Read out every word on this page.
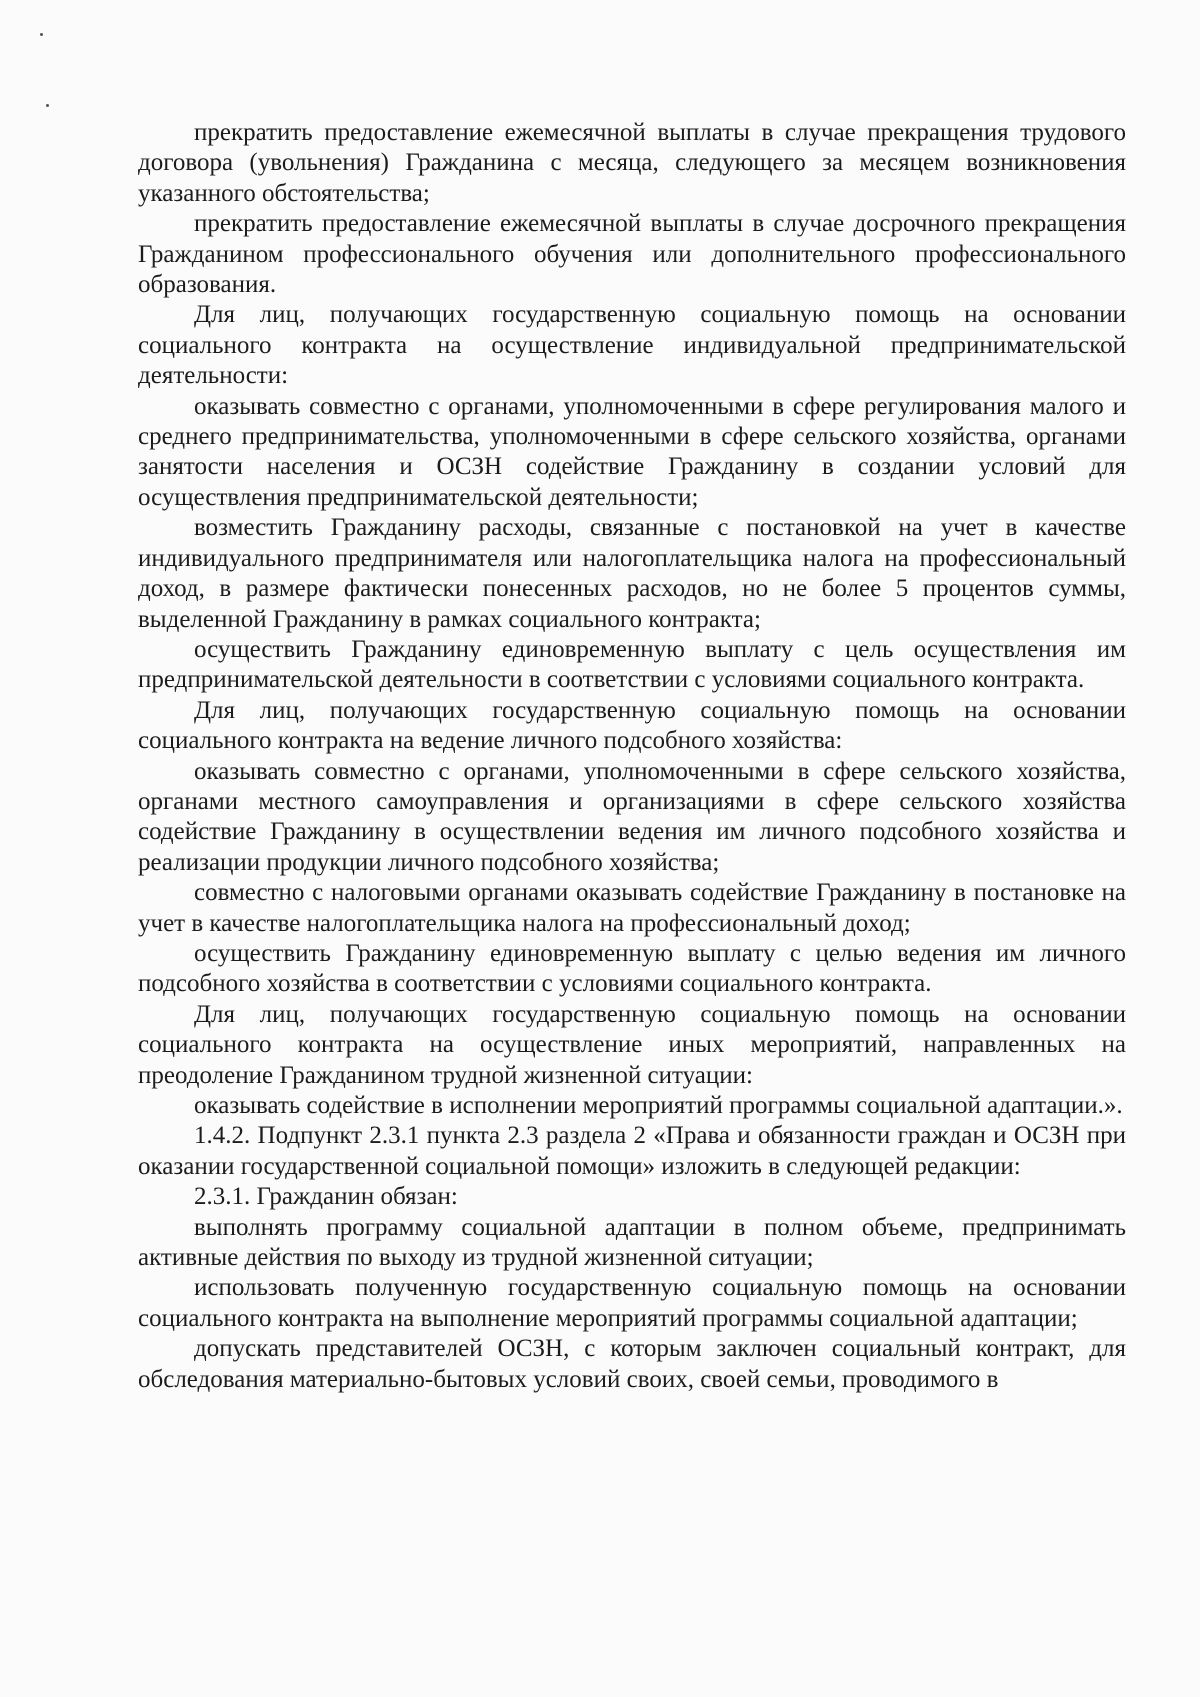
прекратить предоставление ежемесячной выплаты в случае прекращения трудового договора (увольнения) Гражданина с месяца, следующего за месяцем возникновения указанного обстоятельства;

прекратить предоставление ежемесячной выплаты в случае досрочного прекращения Гражданином профессионального обучения или дополнительного профессионального образования.

Для лиц, получающих государственную социальную помощь на основании социального контракта на осуществление индивидуальной предпринимательской деятельности:

оказывать совместно с органами, уполномоченными в сфере регулирования малого и среднего предпринимательства, уполномоченными в сфере сельского хозяйства, органами занятости населения и ОСЗН содействие Гражданину в создании условий для осуществления предпринимательской деятельности;

возместить Гражданину расходы, связанные с постановкой на учет в качестве индивидуального предпринимателя или налогоплательщика налога на профессиональный доход, в размере фактически понесенных расходов, но не более 5 процентов суммы, выделенной Гражданину в рамках социального контракта;

осуществить Гражданину единовременную выплату с цель осуществления им предпринимательской деятельности в соответствии с условиями социального контракта.

Для лиц, получающих государственную социальную помощь на основании социального контракта на ведение личного подсобного хозяйства:

оказывать совместно с органами, уполномоченными в сфере сельского хозяйства, органами местного самоуправления и организациями в сфере сельского хозяйства содействие Гражданину в осуществлении ведения им личного подсобного хозяйства и реализации продукции личного подсобного хозяйства;

совместно с налоговыми органами оказывать содействие Гражданину в постановке на учет в качестве налогоплательщика налога на профессиональный доход;

осуществить Гражданину единовременную выплату с целью ведения им личного подсобного хозяйства в соответствии с условиями социального контракта.

Для лиц, получающих государственную социальную помощь на основании социального контракта на осуществление иных мероприятий, направленных на преодоление Гражданином трудной жизненной ситуации:

оказывать содействие в исполнении мероприятий программы социальной адаптации.».

1.4.2. Подпункт 2.3.1 пункта 2.3 раздела 2 «Права и обязанности граждан и ОСЗН при оказании государственной социальной помощи» изложить в следующей редакции:

2.3.1. Гражданин обязан:

выполнять программу социальной адаптации в полном объеме, предпринимать активные действия по выходу из трудной жизненной ситуации;

использовать полученную государственную социальную помощь на основании социального контракта на выполнение мероприятий программы социальной адаптации;

допускать представителей ОСЗН, с которым заключен социальный контракт, для обследования материально-бытовых условий своих, своей семьи, проводимого в
